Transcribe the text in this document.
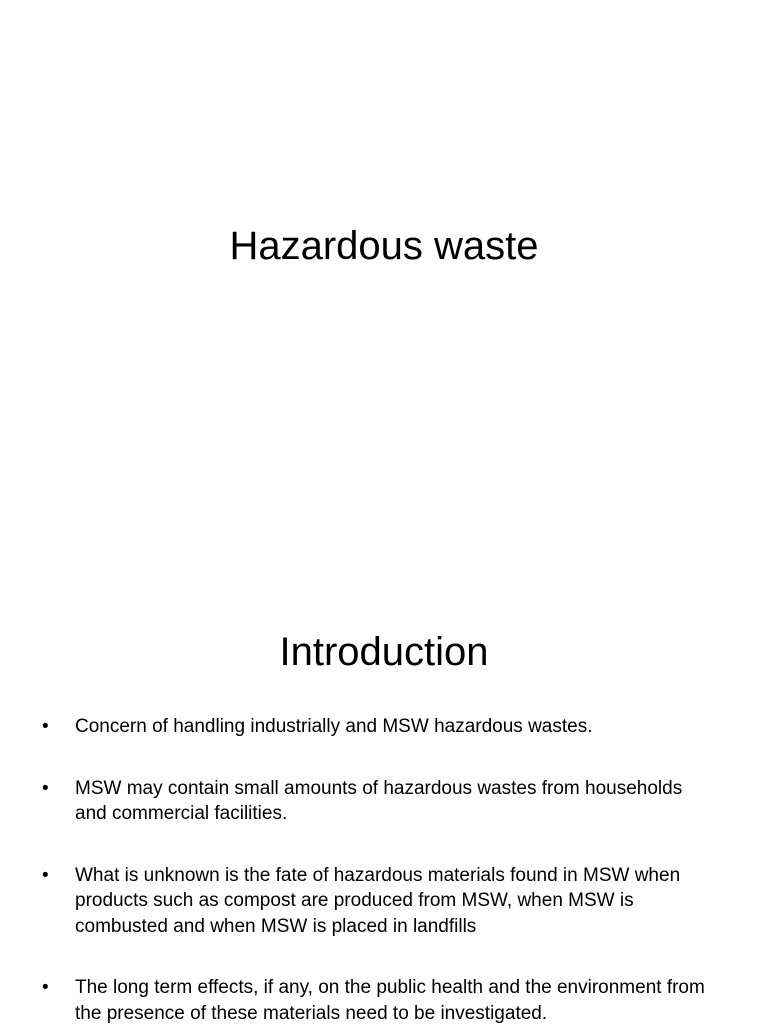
Hazardous waste
Introduction
• Concern of handling industrially and MSW hazardous wastes.
• MSW may contain small amounts of hazardous wastes from households and commercial facilities.
• What is unknown is the fate of hazardous materials found in MSW when products such as compost are produced from MSW, when MSW is combusted and when MSW is placed in landfills
• The long term effects, if any, on the public health and the environment from the presence of these materials need to be investigated.
